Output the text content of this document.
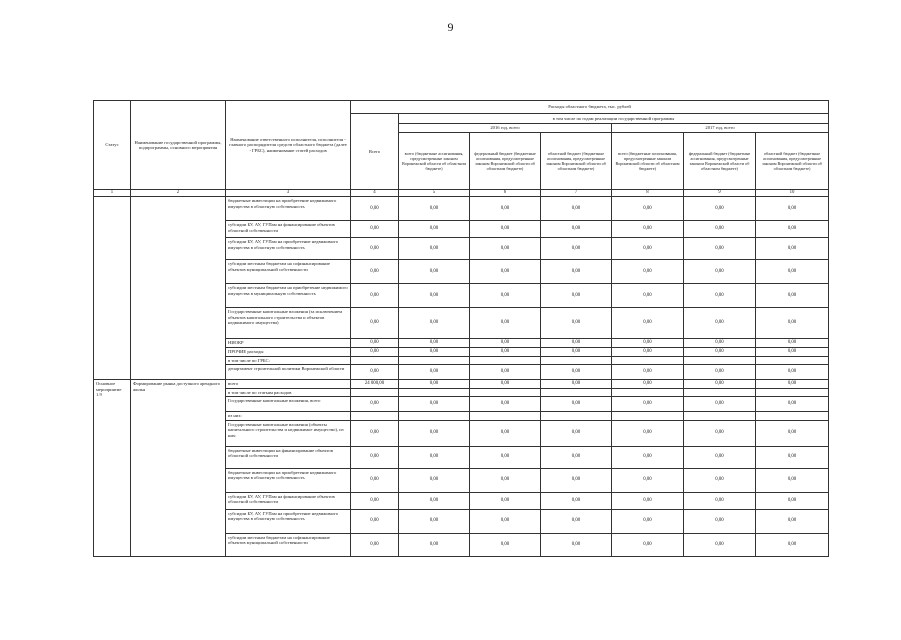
9
Статус	Наименование государственной программы, подпрограммы, основного мероприятия	Наименование ответственного исполнителя, исполнителя - главного распорядителя средств областного бюджета (далее - ГРБС), наименование статей расходов	Расходы областного бюджета, тыс. рублей						
			Всего	в том числе по годам реализации государственной программы					
				2016 год, всего			2017 год, всего		
				всего (бюджетные ассигнования, предусмотренные законом Воронежской области об областном бюджете)	федеральный бюджет (бюджетные ассигнования, предусмотренные законом Воронежской области об областном бюджете)	областной бюджет (бюджетные ассигнования, предусмотренные законом Воронежской области об областном бюджете)	всего (бюджетные ассигнования, предусмотренные законом Воронежской области об областном бюджете)	федеральный бюджет (бюджетные ассигнования, предусмотренные законом Воронежской области об областном бюджете)	областной бюджет (бюджетные ассигнования, предусмотренные законом Воронежской области об областном бюджете)
1	2	3	4	5	6	7	8	9	10
		бюджетные инвестиции на приобретение недвижимого имущества в областную собственность	0,00	0,00	0,00	0,00	0,00	0,00	0,00
		субсидии БУ, АУ, ГУПам на финансирование объектов областной собственности	0,00	0,00	0,00	0,00	0,00	0,00	0,00
		субсидии БУ, АУ, ГУПам на приобретение недвижимого имущества в областную собственность	0,00	0,00	0,00	0,00	0,00	0,00	0,00
		субсидии местным бюджетам на софинансирование объектов муниципальной собственности	0,00	0,00	0,00	0,00	0,00	0,00	0,00
		субсидии местным бюджетам на приобретение недвижимого имущества в муниципальную собственность	0,00	0,00	0,00	0,00	0,00	0,00	0,00
		Государственные капитальные вложения (за исключением объектов капитального строительства и объектов недвижимого имущества)	0,00	0,00	0,00	0,00	0,00	0,00	0,00
		НИОКР	0,00	0,00	0,00	0,00	0,00	0,00	0,00
		ПРОЧИЕ расходы	0,00	0,00	0,00	0,00	0,00	0,00	0,00
		в том числе по ГРБС:							
		департамент строительной политики Воронежской области	0,00	0,00	0,00	0,00	0,00	0,00	0,00
Основное мероприятие 1.9	Формирование рынка доступного арендного жилья	всего	24 000,00	0,00	0,00	0,00	0,00	0,00	0,00
		в том числе по статьям расходов							
		Государственные капитальные вложения, всего	0,00	0,00	0,00	0,00	0,00	0,00	0,00
		из них:							
		Государственные капитальные вложения (объекты капитального строительства и недвижимое имущество), из них:	0,00	0,00	0,00	0,00	0,00	0,00	0,00
		бюджетные инвестиции на финансирование объектов областной собственности	0,00	0,00	0,00	0,00	0,00	0,00	0,00
		бюджетные инвестиции на приобретение недвижимого имущества в областную собственность	0,00	0,00	0,00	0,00	0,00	0,00	0,00
		субсидии БУ, АУ, ГУПам на финансирование объектов областной собственности	0,00	0,00	0,00	0,00	0,00	0,00	0,00
		субсидии БУ, АУ, ГУПам на приобретение недвижимого имущества в областную собственность	0,00	0,00	0,00	0,00	0,00	0,00	0,00
		субсидии местным бюджетам на софинансирование объектов муниципальной собственности	0,00	0,00	0,00	0,00	0,00	0,00	0,00
